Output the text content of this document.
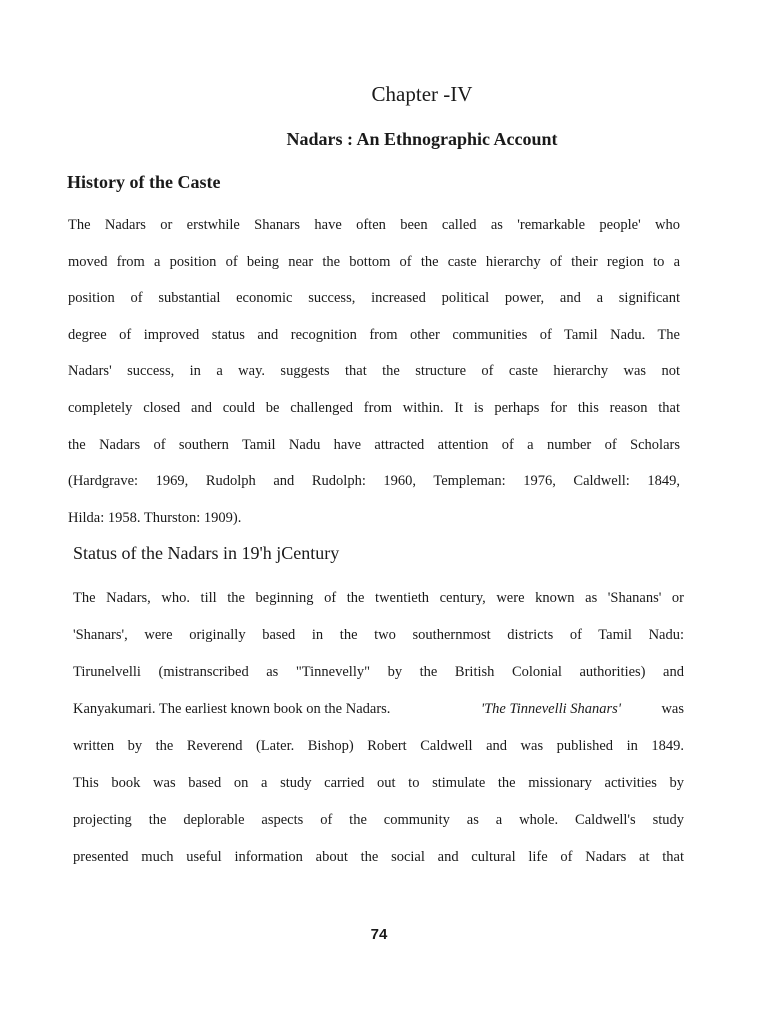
Chapter -IV
Nadars : An Ethnographic Account
History of the Caste
The Nadars or erstwhile Shanars have often been called as 'remarkable people' who
moved from a position of being near the bottom of the caste hierarchy of their region to a
position of substantial economic success, increased political power, and a significant
degree of improved status and recognition from other communities of Tamil Nadu. The
Nadars' success, in a way. suggests that the structure of caste hierarchy was not
completely closed and could be challenged from within. It is perhaps for this reason that
the Nadars of southern Tamil Nadu have attracted attention of a number of Scholars
(Hardgrave: 1969, Rudolph and Rudolph: 1960, Templeman: 1976, Caldwell: 1849,
Hilda: 1958. Thurston: 1909).
Status of the Nadars in 19'h jCentury
The Nadars, who. till the beginning of the twentieth century, were known as 'Shanans' or
'Shanars', were originally based in the two southernmost districts of Tamil Nadu:
Tirunelvelli (mistranscribed as "Tinnevelly" by the British Colonial authorities) and
Kanyakumari. The earliest known book on the Nadars.	'The Tinnevelli Shanars'	was
written by the Reverend (Later. Bishop) Robert Caldwell and was published in 1849.
This book was based on a study carried out to stimulate the missionary activities by
projecting the deplorable aspects of the community as a whole. Caldwell's study
presented much useful information about the social and cultural life of Nadars at that
74
